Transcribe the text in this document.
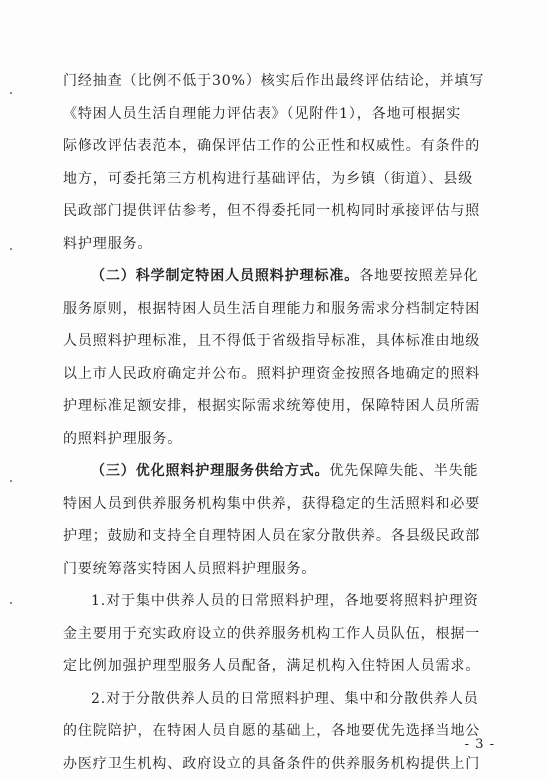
门经抽查（比例不低于30%）核实后作出最终评估结论，并填写
《特困人员生活自理能力评估表》（见附件1），各地可根据实
际修改评估表范本，确保评估工作的公正性和权威性。有条件的
地方，可委托第三方机构进行基础评估，为乡镇（街道）、县级
民政部门提供评估参考，但不得委托同一机构同时承接评估与照
料护理服务。
（二）科学制定特困人员照料护理标准。各地要按照差异化
服务原则，根据特困人员生活自理能力和服务需求分档制定特困
人员照料护理标准，且不得低于省级指导标准，具体标准由地级
以上市人民政府确定并公布。照料护理资金按照各地确定的照料
护理标准足额安排，根据实际需求统筹使用，保障特困人员所需
的照料护理服务。
（三）优化照料护理服务供给方式。优先保障失能、半失能
特困人员到供养服务机构集中供养，获得稳定的生活照料和必要
护理；鼓励和支持全自理特困人员在家分散供养。各县级民政部
门要统筹落实特困人员照料护理服务。
1.对于集中供养人员的日常照料护理，各地要将照料护理资
金主要用于充实政府设立的供养服务机构工作人员队伍，根据一
定比例加强护理型服务人员配备，满足机构入住特困人员需求。
2.对于分散供养人员的日常照料护理、集中和分散供养人员
的住院陪护，在特困人员自愿的基础上，各地要优先选择当地公
办医疗卫生机构、政府设立的具备条件的供养服务机构提供上门
- 3 -
